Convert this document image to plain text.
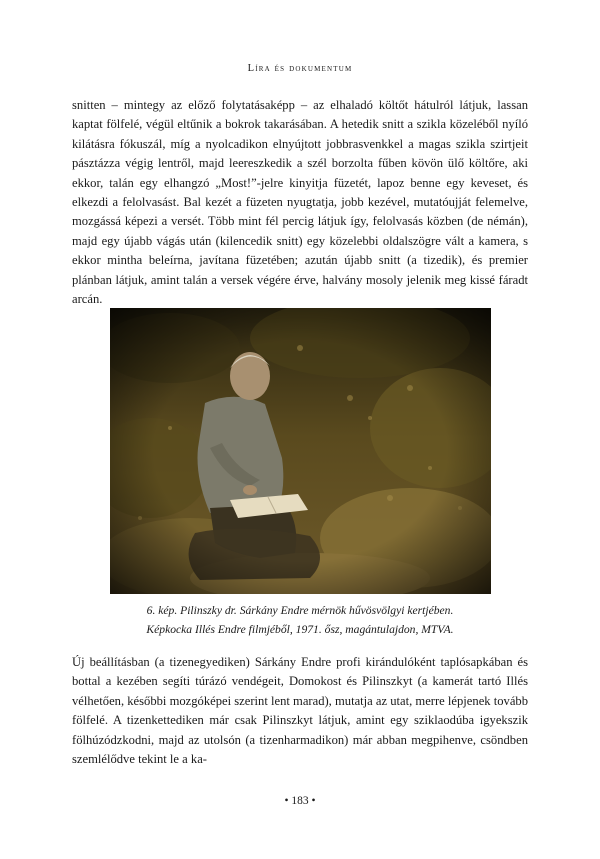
Líra és dokumentum

snitten – mintegy az előző folytatásaképp – az elhaladó költőt hátulról látjuk, lassan kaptat fölfelé, végül eltűnik a bokrok takarásában. A hetedik snitt a szikla közeléből nyíló kilátásra fókuszál, míg a nyolcadikon elnyújtott jobbrasvenkkel a magas szikla szirtjeit pásztázza végig lentről, majd leereszkedik a szél borzolta fűben kövön ülő költőre, aki ekkor, talán egy elhangzó „Most!”-jelre kinyitja füzetét, lapoz benne egy keveset, és elkezdi a felolvasást. Bal kezét a füzeten nyugtatja, jobb kezével, mutatóujját felemelve, mozgássá képezi a versét. Több mint fél percig látjuk így, felolvasás közben (de némán), majd egy újabb vágás után (kilencedik snitt) egy közelebbi oldalszögre vált a kamera, s ekkor mintha beleírna, javítana füzetében; azután újabb snitt (a tizedik), és premier plánban látjuk, amint talán a versek végére érve, halvány mosoly jelenik meg kissé fáradt arcán.

6. kép. Pilinszky dr. Sárkány Endre mérnök hűvösvölgyi kertjében.
Képkocka Illés Endre filmjéből, 1971. ősz, magántulajdon, MTVA.

Új beállításban (a tizenegyediken) Sárkány Endre profi kirándulóként taplósapkában és bottal a kezében segíti túrázó vendégeit, Domokost és Pilinszkyt (a kamerát tartó Illés vélhetően, későbbi mozgóképei szerint lent marad), mutatja az utat, merre lépjenek tovább fölfelé. A tizenkettediken már csak Pilinszkyt látjuk, amint egy sziklaodúba igyekszik fölhúzódzkodni, majd az utolsón (a tizenharmadikon) már abban megpihenve, csöndben szemlélődve tekint le a ka-

• 183 •
